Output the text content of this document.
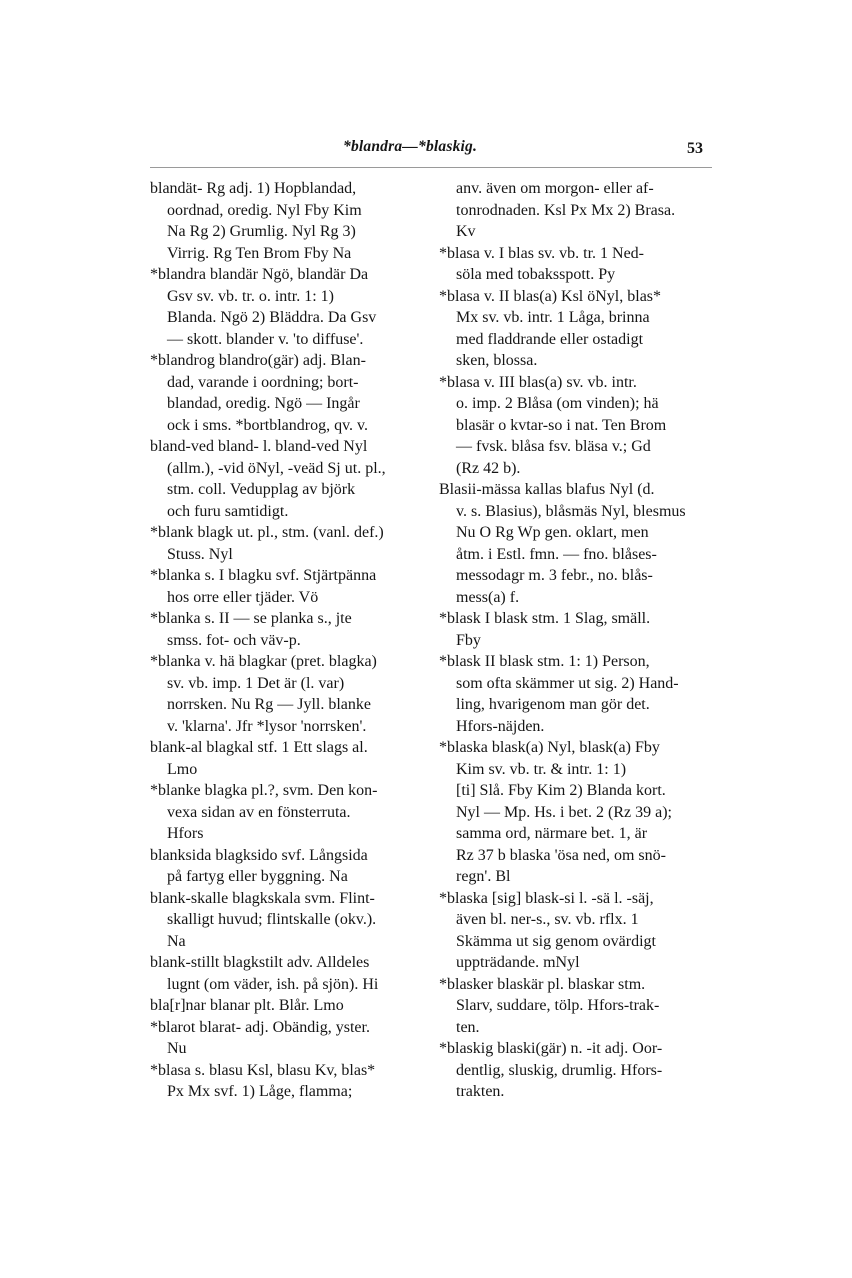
*blandra—*blaskig.	53
blandät- Rg adj. 1) Hopblandad,
oordnad, oredig. Nyl Fby Kim
Na Rg 2) Grumlig. Nyl Rg 3)
Virrig. Rg Ten Brom Fby Na
*blandra blandär Ngö, blandär Da
Gsv sv. vb. tr. o. intr. 1: 1)
Blanda. Ngö 2) Bläddra. Da Gsv
— skott. blander v. 'to diffuse'.
*blandrog blandro(gär) adj. Blan-
dad, varande i oordning; bort-
blandad, oredig. Ngö — Ingår
ock i sms. *bortblandrog, qv. v.
bland-ved bland- l. bland-ved Nyl
(allm.), -vid öNyl, -veäd Sj ut. pl.,
stm. coll. Vedupplag av björk
och furu samtidigt.
*blank blagk ut. pl., stm. (vanl. def.)
Stuss. Nyl
*blanka s. I blagku svf. Stjärtpänna
hos orre eller tjäder. Vö
*blanka s. II — se planka s., jte
smss. fot- och väv-p.
*blanka v. hä blagkar (pret. blagka)
sv. vb. imp. 1 Det är (l. var)
norrsken. Nu Rg — Jyll. blanke
v. 'klarna'. Jfr *lysor 'norrsken'.
blank-al blagkal stf. 1 Ett slags al.
Lmo
*blanke blagka pl.?, svm. Den kon-
vexa sidan av en fönsterruta.
Hfors
blanksida blagksido svf. Långsida
på fartyg eller byggning. Na
blank-skalle blagkskala svm. Flint-
skalligt huvud; flintskalle (okv.).
Na
blank-stillt blagkstilt adv. Alldeles
lugnt (om väder, ish. på sjön). Hi
bla[r]nar blanar plt. Blår. Lmo
*blarot blarat- adj. Obändig, yster.
Nu
*blasa s. blasu Ksl, blasu Kv, blas*
Px Mx svf. 1) Låge, flamma;
anv. även om morgon- eller af-
tonrodnaden. Ksl Px Mx 2) Brasa.
Kv
*blasa v. I blas sv. vb. tr. 1 Ned-
söla med tobaksspott. Py
*blasa v. II blas(a) Ksl öNyl, blas*
Mx sv. vb. intr. 1 Låga, brinna
med fladdrande eller ostadigt
sken, blossa.
*blasa v. III blas(a) sv. vb. intr.
o. imp. 2 Blåsa (om vinden); hä
blasär o kvtar-so i nat. Ten Brom
— fvsk. blåsa fsv. bläsa v.; Gd
(Rz 42 b).
Blasii-mässa kallas blafus Nyl (d.
v. s. Blasius), blåsmäs Nyl, blesmus
Nu O Rg Wp gen. oklart, men
åtm. i Estl. fmn. — fno. blåses-
messodagr m. 3 febr., no. blås-
mess(a) f.
*blask I blask stm. 1 Slag, smäll.
Fby
*blask II blask stm. 1: 1) Person,
som ofta skämmer ut sig. 2) Hand-
ling, hvarigenom man gör det.
Hfors-näjden.
*blaska blask(a) Nyl, blask(a) Fby
Kim sv. vb. tr. & intr. 1: 1)
[ti] Slå. Fby Kim 2) Blanda kort.
Nyl — Mp. Hs. i bet. 2 (Rz 39 a);
samma ord, närmare bet. 1, är
Rz 37 b blaska 'ösa ned, om snö-
regn'. Bl
*blaska [sig] blask-si l. -sä l. -säj,
även bl. ner-s., sv. vb. rflx. 1
Skämma ut sig genom ovärdigt
uppträdande. mNyl
*blasker blaskär pl. blaskar stm.
Slarv, suddare, tölp. Hfors-trak-
ten.
*blaskig blaski(gär) n. -it adj. Oor-
dentlig, sluskig, drumlig. Hfors-
trakten.
